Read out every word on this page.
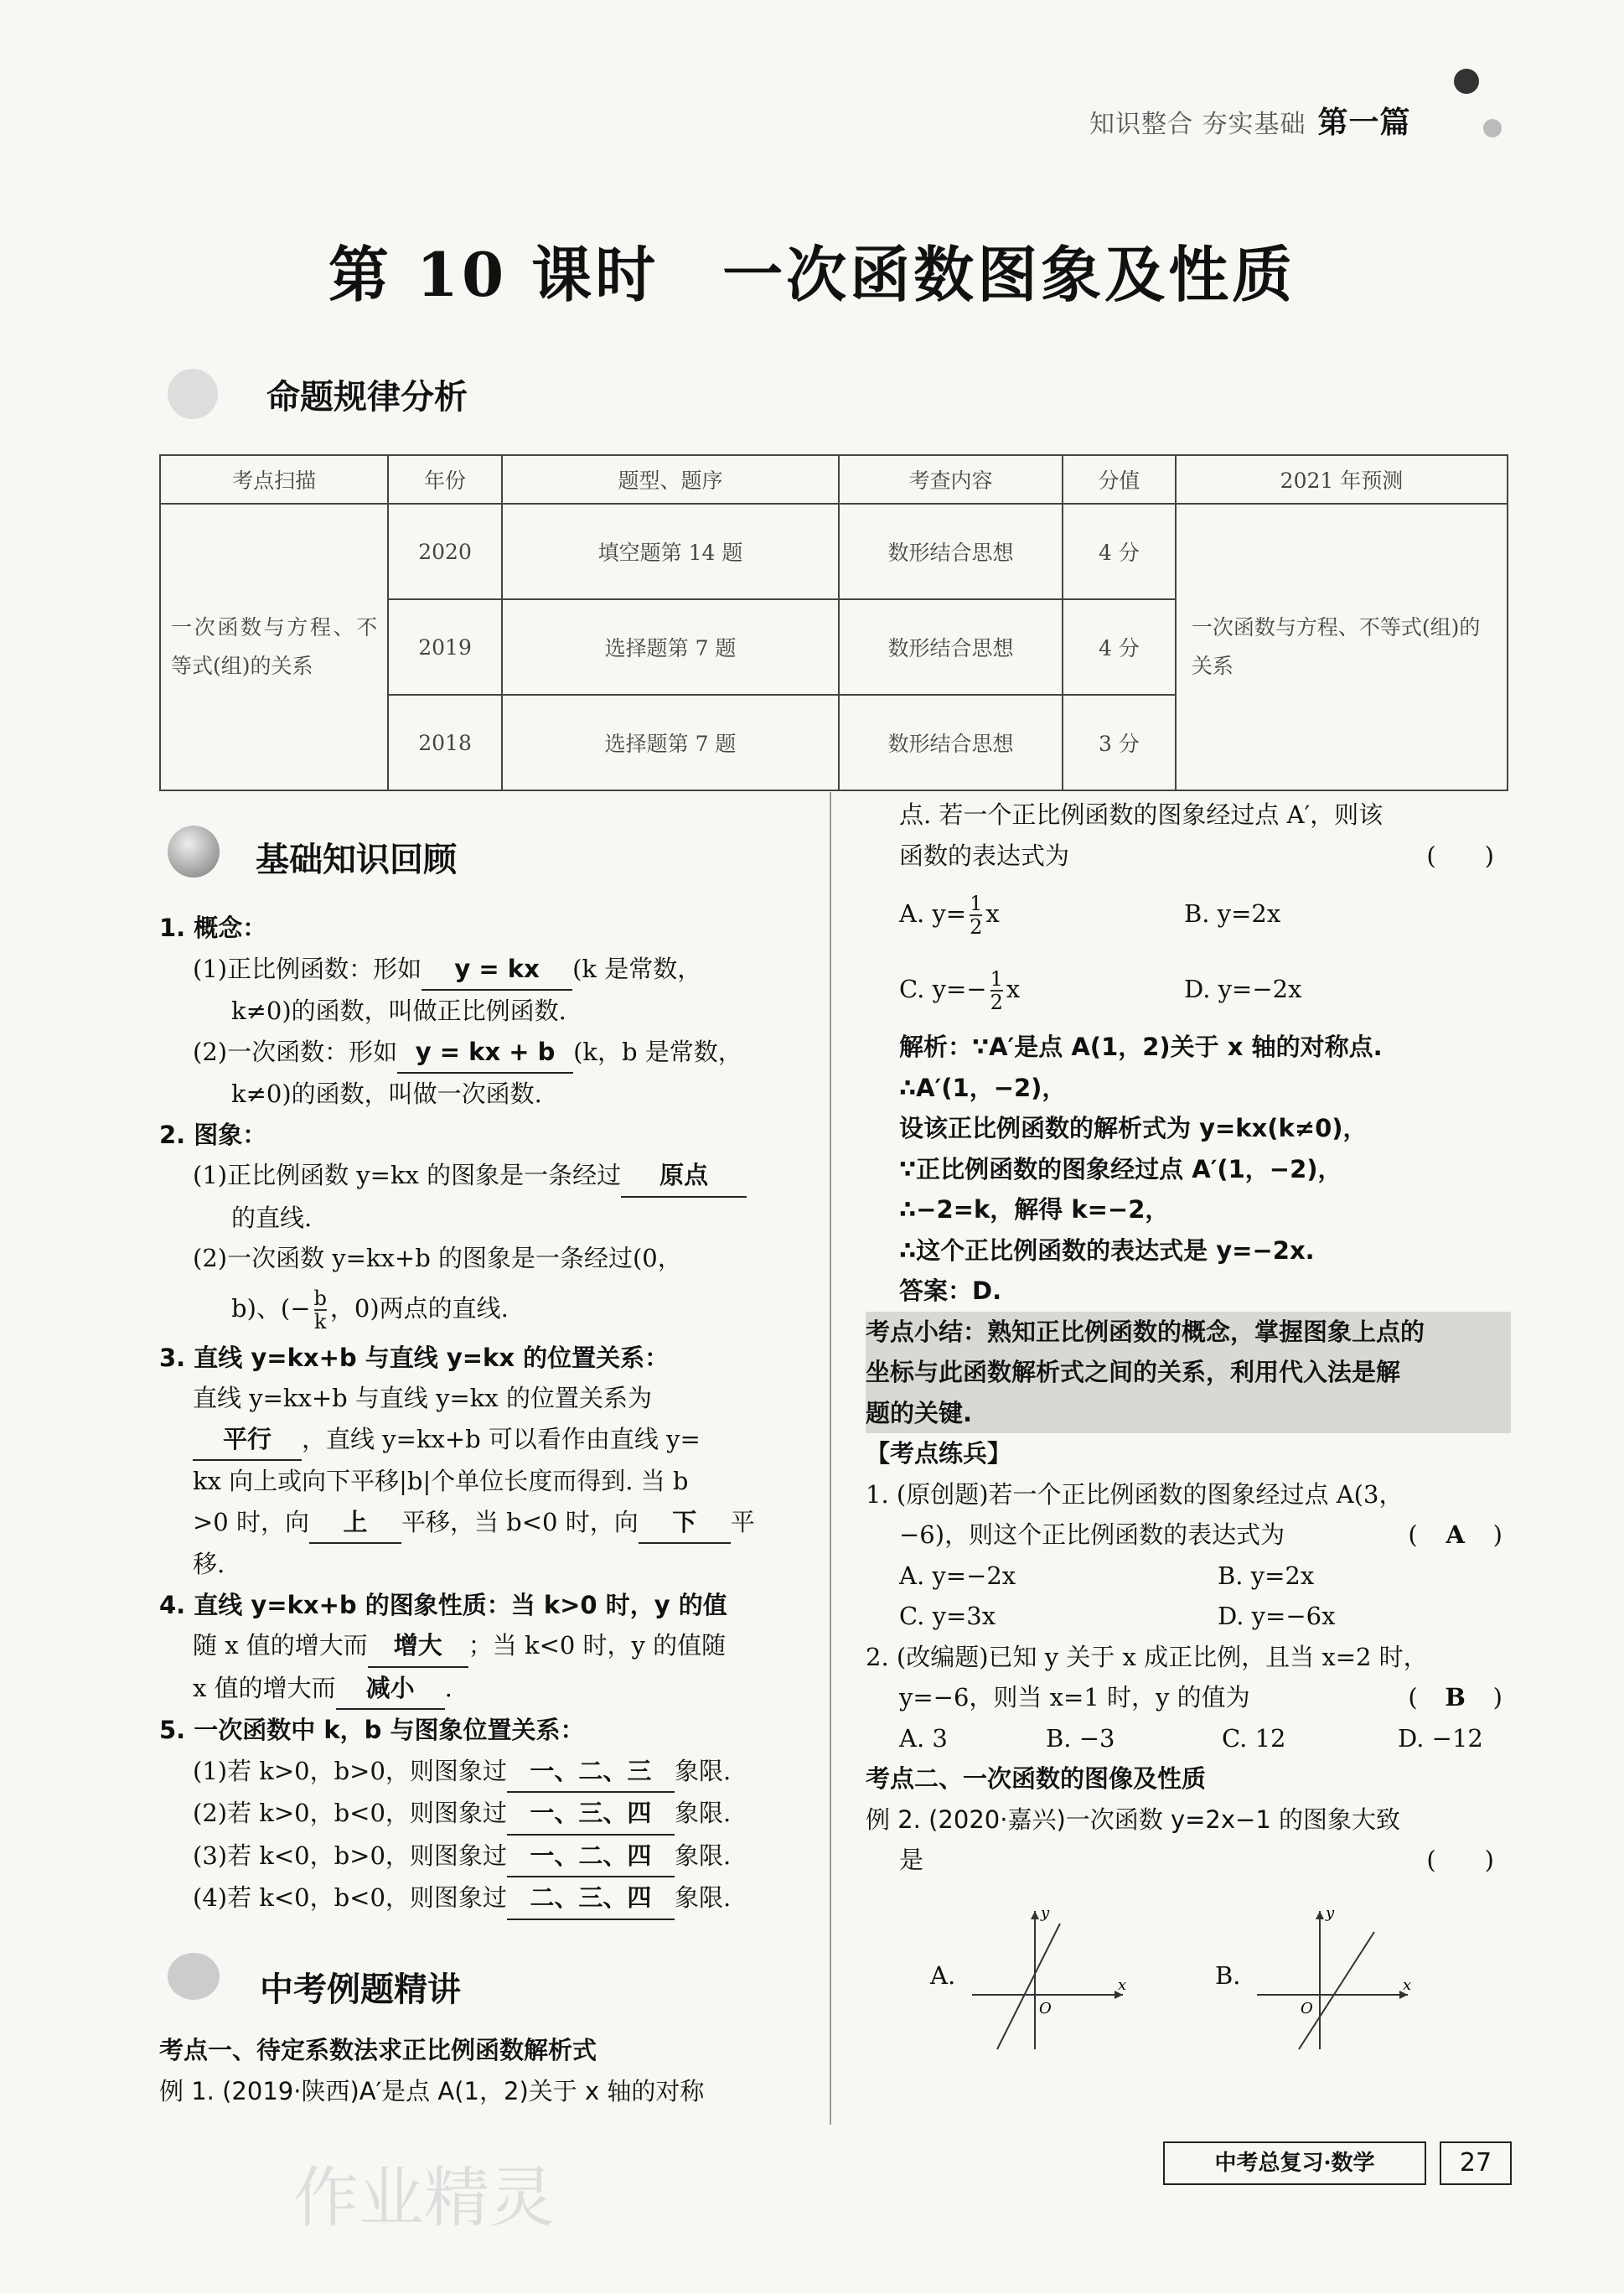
知识整合 夯实基础 第一篇
第 10 课时　一次函数图象及性质
命题规律分析
考点扫描	年份	题型、题序	考查内容	分值	2021 年预测
一次函数与方程、不等式(组)的关系	2020	填空题第 14 题	数形结合思想	4 分	一次函数与方程、不等式(组)的关系
	2019	选择题第 7 题	数形结合思想	4 分	
	2018	选择题第 7 题	数形结合思想	3 分	
基础知识回顾

1. 概念：

(1)正比例函数：形如 y = kx (k 是常数，

k≠0)的函数，叫做正比例函数.

(2)一次函数：形如 y = kx + b (k，b 是常数，

k≠0)的函数，叫做一次函数.

2. 图象：

(1)正比例函数 y=kx 的图象是一条经过 原点

的直线.

(2)一次函数 y=kx+b 的图象是一条经过(0，

b)、(− $\frac{b}{k}$ ，0)两点的直线.

3. 直线 y=kx+b 与直线 y=kx 的位置关系：

直线 y=kx+b 与直线 y=kx 的位置关系为

平行 ，直线 y=kx+b 可以看作由直线 y=

kx 向上或向下平移|b|个单位长度而得到. 当 b

>0 时，向 上 平移，当 b<0 时，向 下 平

移.

4. 直线 y=kx+b 的图象性质：当 k>0 时，y 的值

随 x 值的增大而 增大 ；当 k<0 时，y 的值随

x 值的增大而 减小 .

5. 一次函数中 k，b 与图象位置关系：

(1)若 k>0，b>0，则图象过 一、二、三 象限.

(2)若 k>0，b<0，则图象过 一、三、四 象限.

(3)若 k<0，b>0，则图象过 一、二、四 象限.

(4)若 k<0，b<0，则图象过 二、三、四 象限.

中考例题精讲

考点一、待定系数法求正比例函数解析式

例 1. (2019·陕西)A′是点 A(1，2)关于 x 轴的对称

点. 若一个正比例函数的图象经过点 A′，则该

函数的表达式为	(　　)

A. $y= \frac{1}{2}$ x	B. y=2x

C. $y=- \frac{1}{2}$ x	D. y=−2x

解析：∵A′是点 A(1，2)关于 x 轴的对称点.

∴A′(1，−2)，

设该正比例函数的解析式为 y=kx(k≠0)，

∵正比例函数的图象经过点 A′(1，−2)，

∴−2=k，解得 k=−2，

∴这个正比例函数的表达式是 y=−2x.

答案：D.

考点小结：熟知正比例函数的概念，掌握图象上点的

坐标与此函数解析式之间的关系，利用代入法是解

题的关键.

【考点练兵】

1. (原创题)若一个正比例函数的图象经过点 A(3，

−6)，则这个正比例函数的表达式为	( A )

A. y=−2x	B. y=2x

C. y=3x	D. y=−6x

2. (改编题)已知 y 关于 x 成正比例，且当 x=2 时，

y=−6，则当 x=1 时，y 的值为	( B )

A. 3	B. −3	C. 12	D. −12

考点二、一次函数的图像及性质

例 2. (2020·嘉兴)一次函数 y=2x−1 的图象大致

是	(　　)

A.	x
y
O
B.	x
y
O
中考总复习·数学	27
作业精灵
